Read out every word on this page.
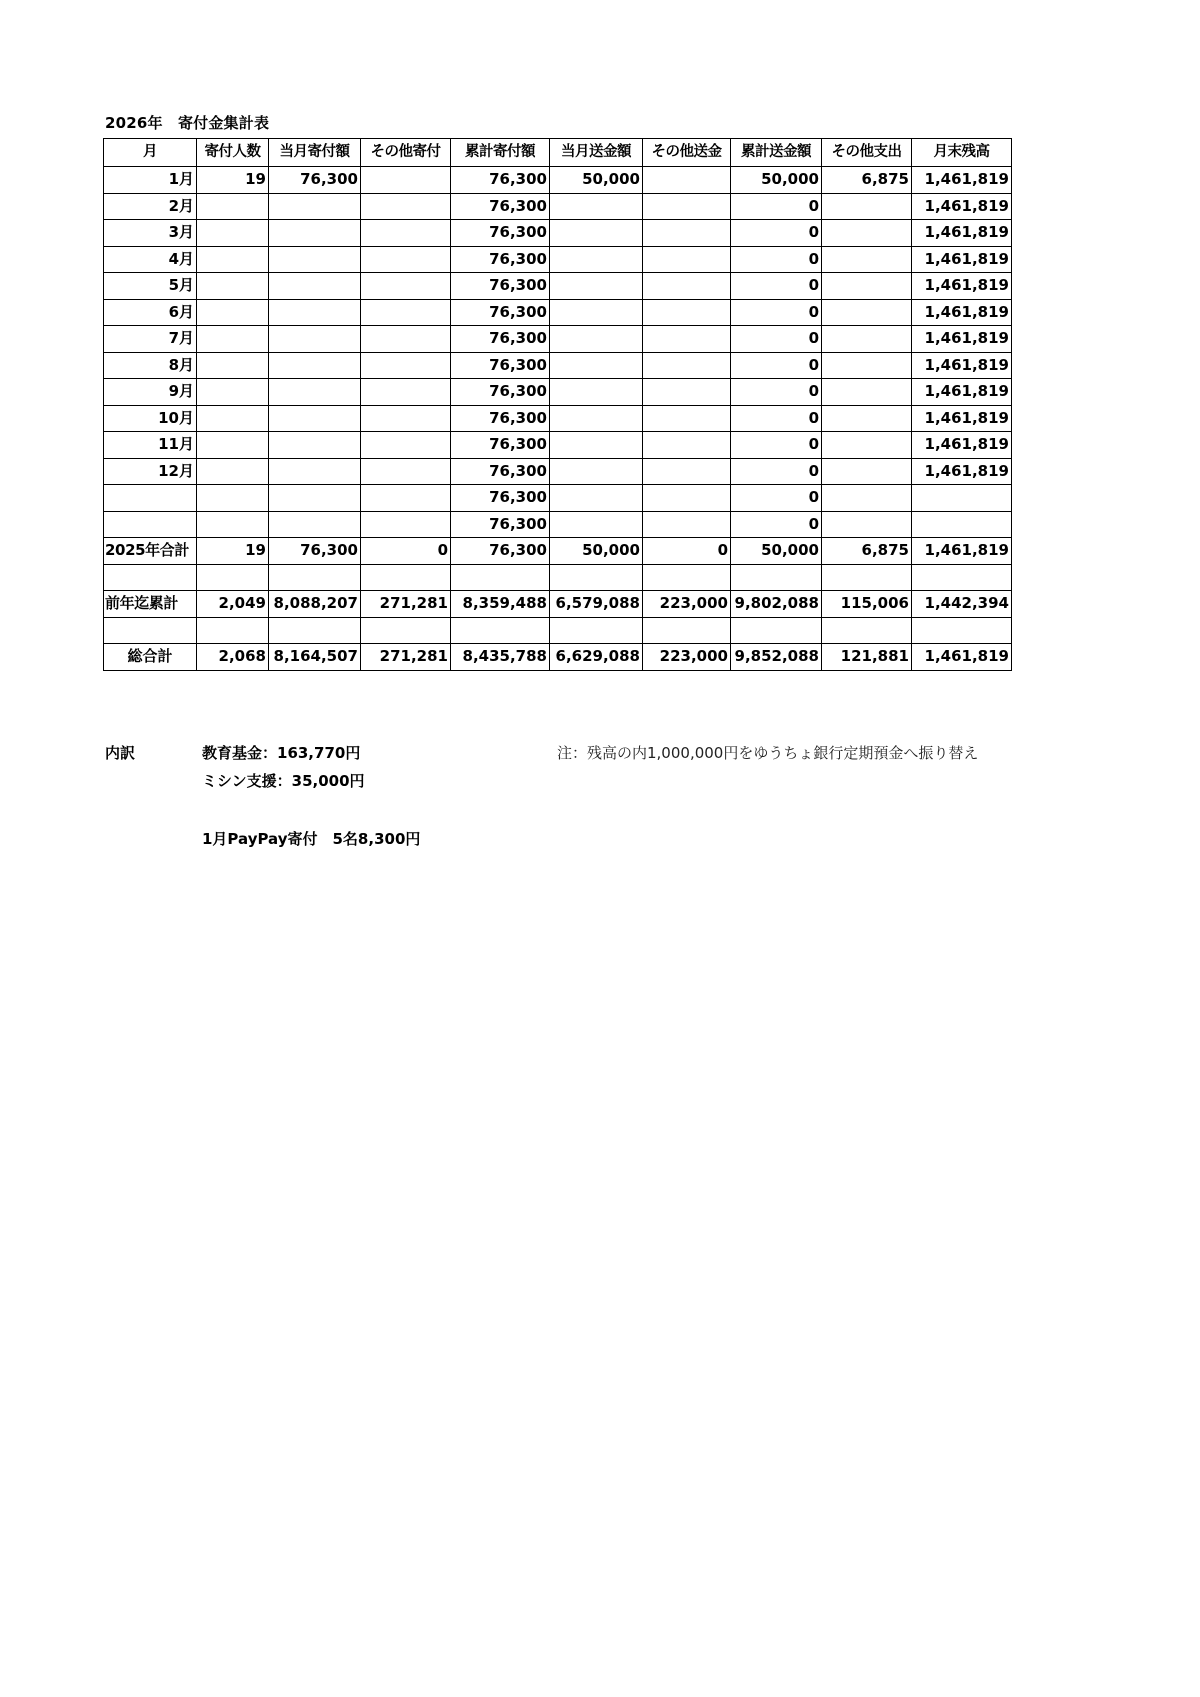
2026年　寄付金集計表
月	寄付人数	当月寄付額	その他寄付	累計寄付額	当月送金額	その他送金	累計送金額	その他支出	月末残高
1月	19	76,300		76,300	50,000		50,000	6,875	1,461,819
2月				76,300			0		1,461,819
3月				76,300			0		1,461,819
4月				76,300			0		1,461,819
5月				76,300			0		1,461,819
6月				76,300			0		1,461,819
7月				76,300			0		1,461,819
8月				76,300			0		1,461,819
9月				76,300			0		1,461,819
10月				76,300			0		1,461,819
11月				76,300			0		1,461,819
12月				76,300			0		1,461,819
				76,300			0		
				76,300			0		
2025年合計	19	76,300	0	76,300	50,000	0	50,000	6,875	1,461,819

前年迄累計	2,049	8,088,207	271,281	8,359,488	6,579,088	223,000	9,802,088	115,006	1,442,394

総合計	2,068	8,164,507	271,281	8,435,788	6,629,088	223,000	9,852,088	121,881	1,461,819
内訳	教育基金：163,770円
ミシン支援：35,000円
1月PayPay寄付　5名8,300円
注：残高の内1,000,000円をゆうちょ銀行定期預金へ振り替え
